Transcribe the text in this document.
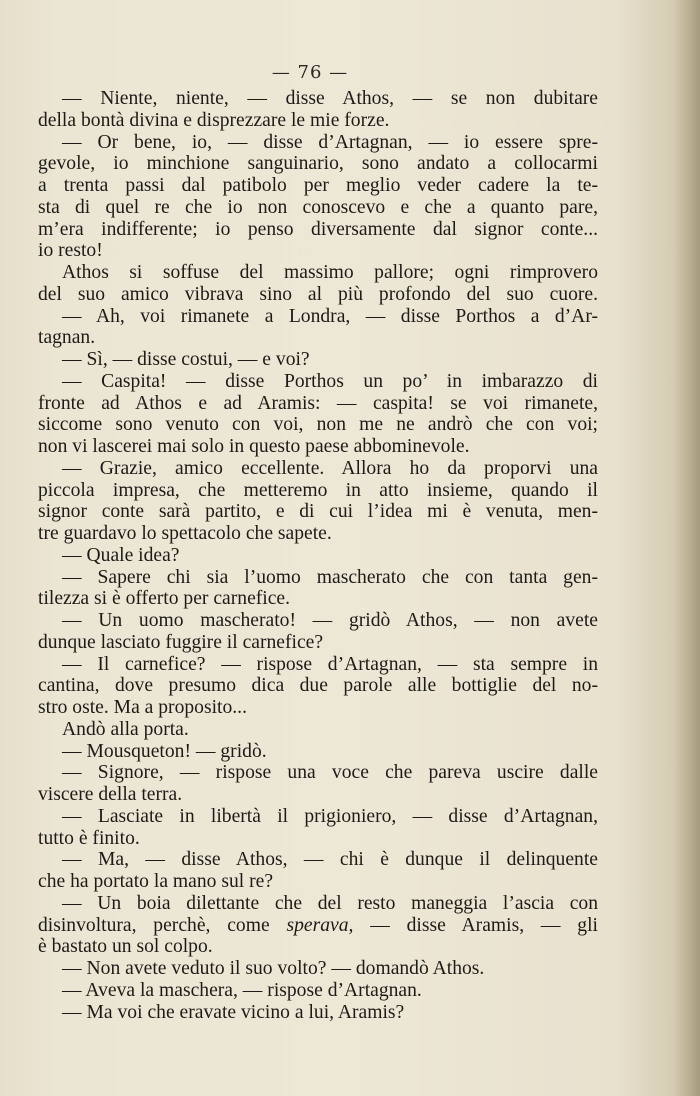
— 76 —
— Niente, niente, — disse Athos, — se non dubitare
della bontà divina e disprezzare le mie forze.
— Or bene, io, — disse d’Artagnan, — io essere spre-
gevole, io minchione sanguinario, sono andato a collocarmi
a trenta passi dal patibolo per meglio veder cadere la te-
sta di quel re che io non conoscevo e che a quanto pare,
m’era indifferente; io penso diversamente dal signor conte...
io resto!
Athos si soffuse del massimo pallore; ogni rimprovero
del suo amico vibrava sino al più profondo del suo cuore.
— Ah, voi rimanete a Londra, — disse Porthos a d’Ar-
tagnan.
— Sì, — disse costui, — e voi?
— Caspita! — disse Porthos un po’ in imbarazzo di
fronte ad Athos e ad Aramis: — caspita! se voi rimanete,
siccome sono venuto con voi, non me ne andrò che con voi;
non vi lascerei mai solo in questo paese abbominevole.
— Grazie, amico eccellente. Allora ho da proporvi una
piccola impresa, che metteremo in atto insieme, quando il
signor conte sarà partito, e di cui l’idea mi è venuta, men-
tre guardavo lo spettacolo che sapete.
— Quale idea?
— Sapere chi sia l’uomo mascherato che con tanta gen-
tilezza si è offerto per carnefice.
— Un uomo mascherato! — gridò Athos, — non avete
dunque lasciato fuggire il carnefice?
— Il carnefice? — rispose d’Artagnan, — sta sempre in
cantina, dove presumo dica due parole alle bottiglie del no-
stro oste. Ma a proposito...
Andò alla porta.
— Mousqueton! — gridò.
— Signore, — rispose una voce che pareva uscire dalle
viscere della terra.
— Lasciate in libertà il prigioniero, — disse d’Artagnan,
tutto è finito.
— Ma, — disse Athos, — chi è dunque il delinquente
che ha portato la mano sul re?
— Un boia dilettante che del resto maneggia l’ascia con
disinvoltura, perchè, come sperava, — disse Aramis, — gli
è bastato un sol colpo.
— Non avete veduto il suo volto? — domandò Athos.
— Aveva la maschera, — rispose d’Artagnan.
— Ma voi che eravate vicino a lui, Aramis?
